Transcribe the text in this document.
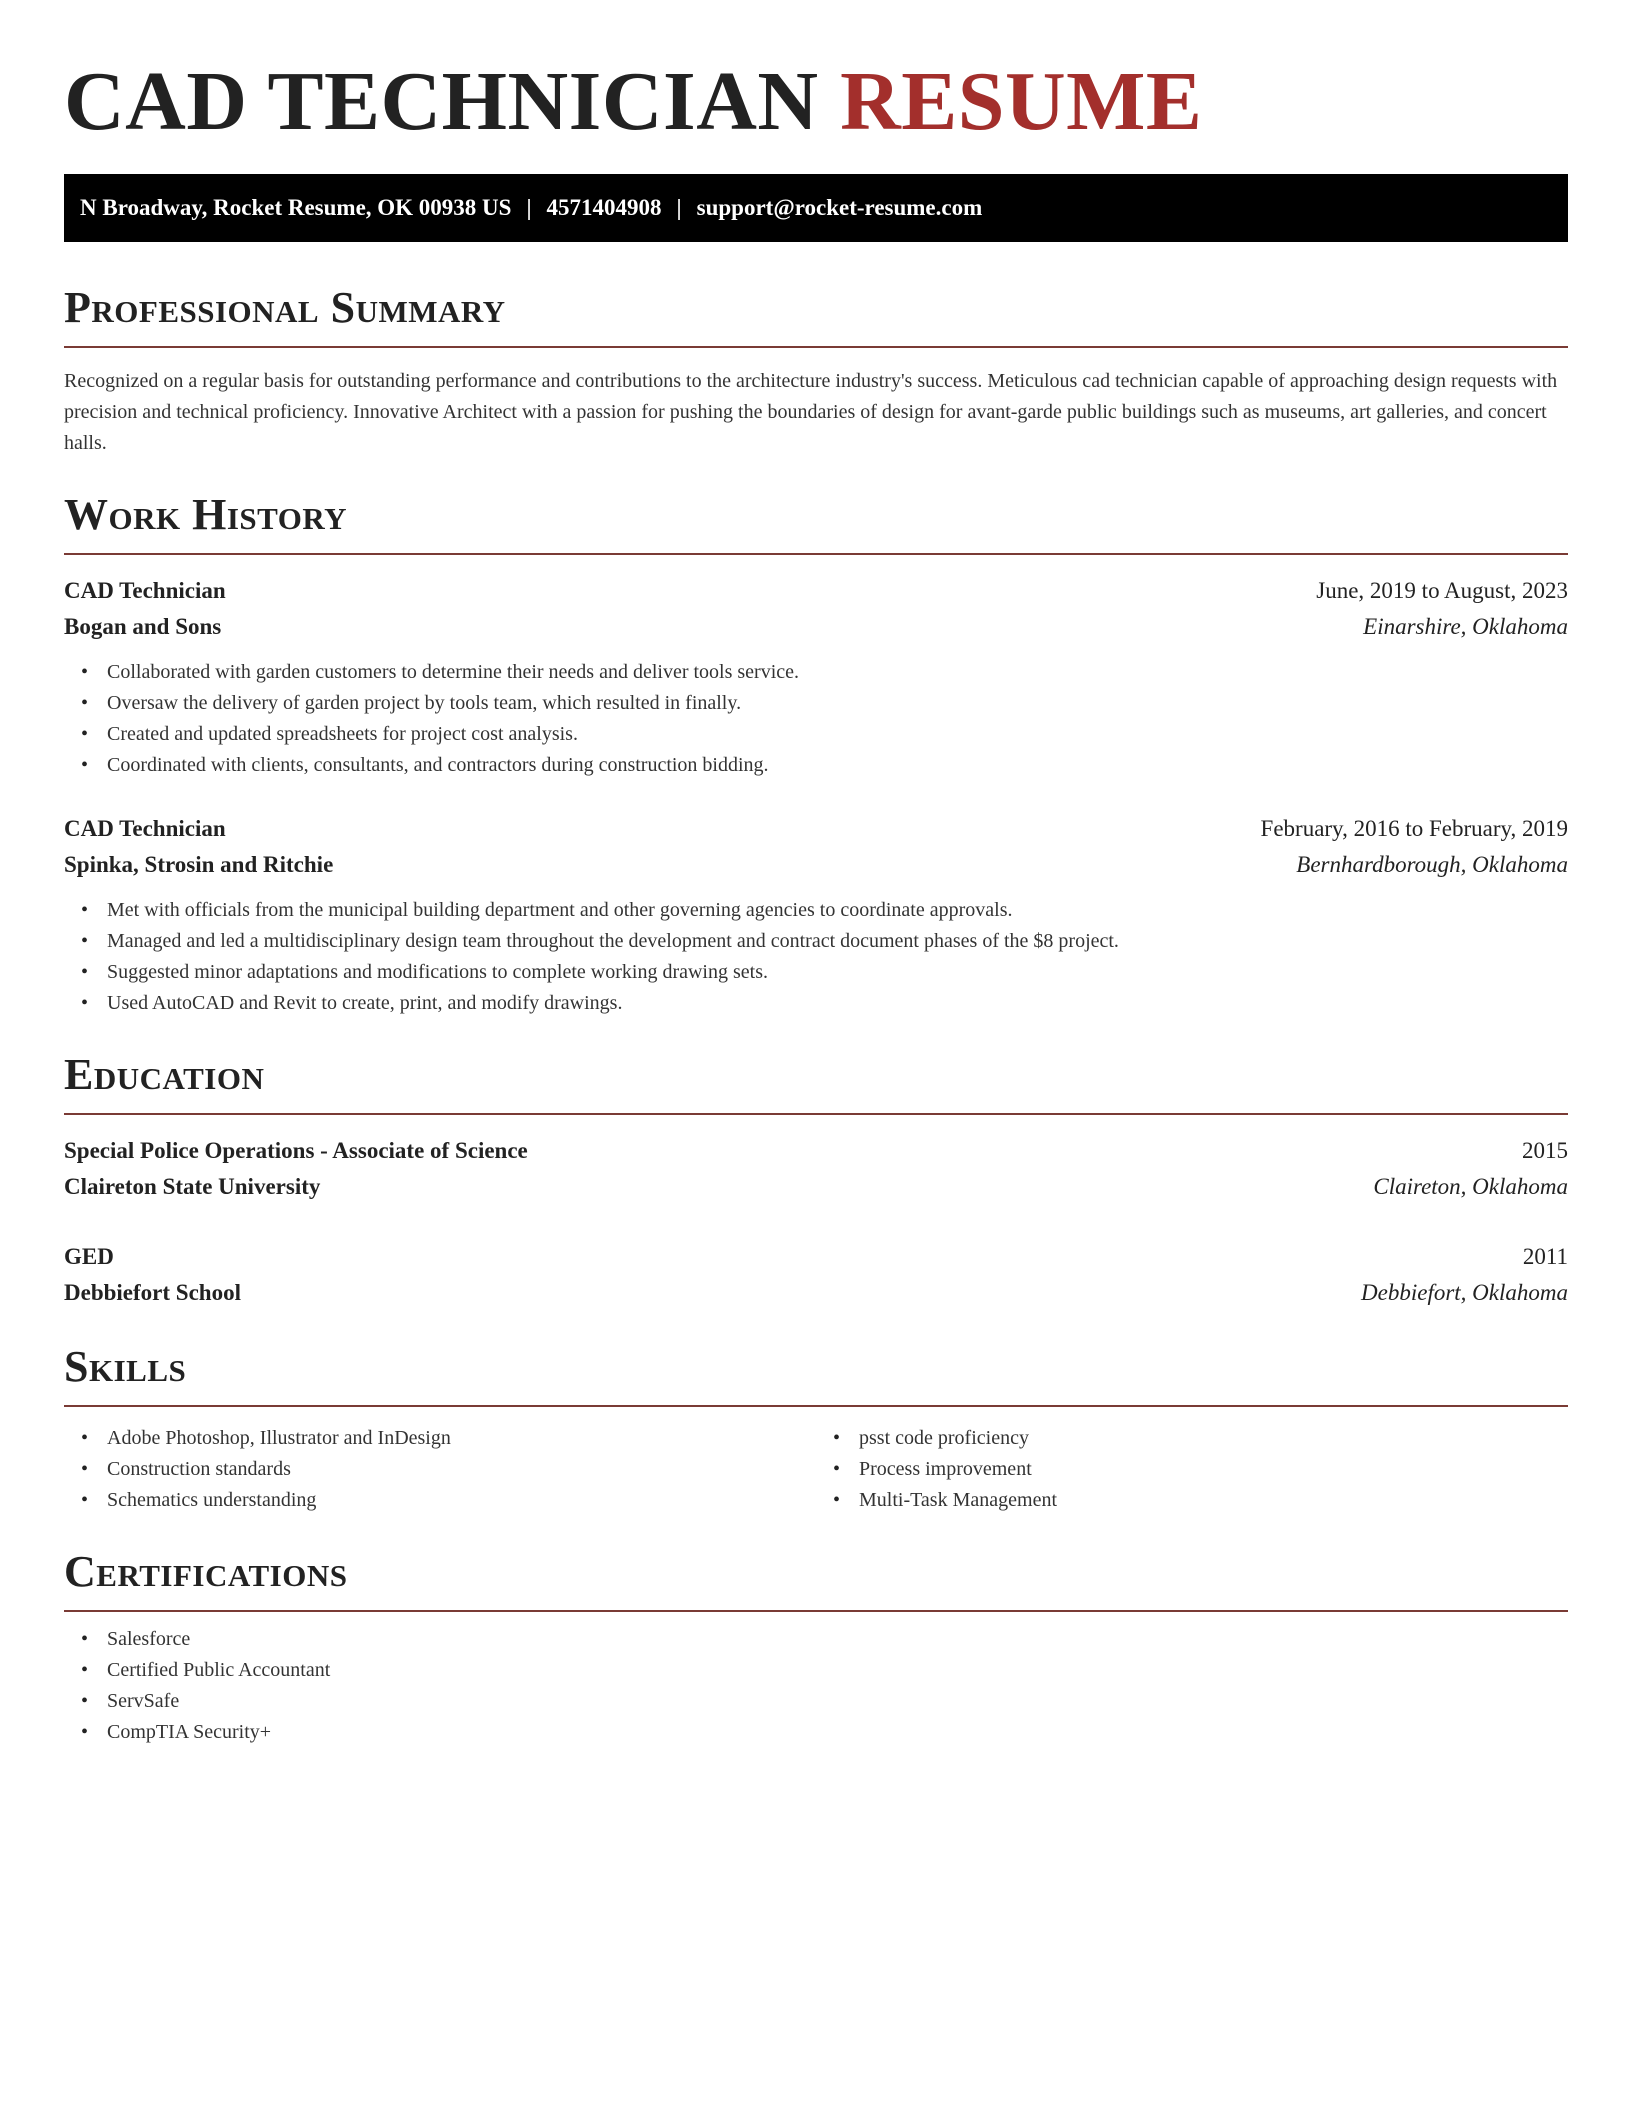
CAD TECHNICIAN RESUME
N Broadway, Rocket Resume, OK 00938 US | 4571404908 | support@rocket-resume.com
Professional Summary

Recognized on a regular basis for outstanding performance and contributions to the architecture industry's success. Meticulous cad technician capable of approaching design requests with precision and technical proficiency. Innovative Architect with a passion for pushing the boundaries of design for avant-garde public buildings such as museums, art galleries, and concert halls.

Work History
CAD Technician	June, 2019 to August, 2023
Bogan and Sons	Einarshire, Oklahoma
• Collaborated with garden customers to determine their needs and deliver tools service.
• Oversaw the delivery of garden project by tools team, which resulted in finally.
• Created and updated spreadsheets for project cost analysis.
• Coordinated with clients, consultants, and contractors during construction bidding.
CAD Technician	February, 2016 to February, 2019
Spinka, Strosin and Ritchie	Bernhardborough, Oklahoma
• Met with officials from the municipal building department and other governing agencies to coordinate approvals.
• Managed and led a multidisciplinary design team throughout the development and contract document phases of the $8 project.
• Suggested minor adaptations and modifications to complete working drawing sets.
• Used AutoCAD and Revit to create, print, and modify drawings.
Education
Special Police Operations - Associate of Science	2015
Claireton State University	Claireton, Oklahoma
GED	2011
Debbiefort School	Debbiefort, Oklahoma
Skills
• Adobe Photoshop, Illustrator and InDesign
• Construction standards
• Schematics understanding
• psst code proficiency
• Process improvement
• Multi-Task Management
Certifications
• Salesforce
• Certified Public Accountant
• ServSafe
• CompTIA Security+
